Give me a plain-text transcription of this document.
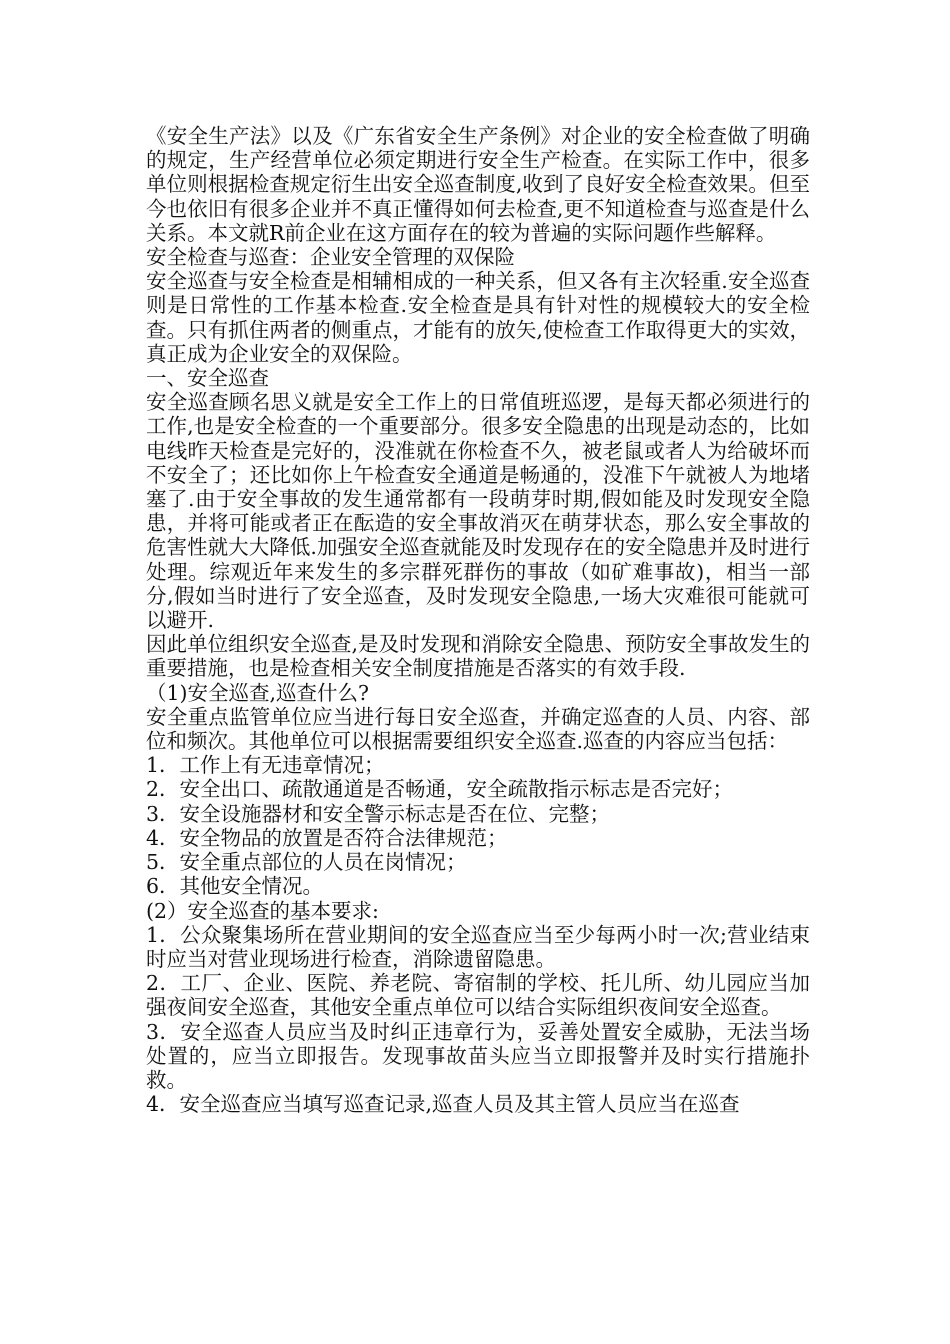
《安全生产法》以及《广东省安全生产条例》对企业的安全检查做了明确的规定，生产经营单位必须定期进行安全生产检查。在实际工作中，很多单位则根据检查规定衍生出安全巡查制度,收到了良好安全检查效果。但至今也依旧有很多企业并不真正懂得如何去检查,更不知道检查与巡查是什么关系。本文就R前企业在这方面存在的较为普遍的实际问题作些解释。

安全检查与巡查：企业安全管理的双保险

安全巡查与安全检查是相辅相成的一种关系，但又各有主次轻重.安全巡查则是日常性的工作基本检查.安全检查是具有针对性的规模较大的安全检查。只有抓住两者的侧重点，才能有的放矢,使检查工作取得更大的实效，真正成为企业安全的双保险。

一、安全巡查

安全巡查顾名思义就是安全工作上的日常值班巡逻，是每天都必须进行的工作,也是安全检查的一个重要部分。很多安全隐患的出现是动态的，比如电线昨天检查是完好的，没准就在你检查不久，被老鼠或者人为给破坏而不安全了；还比如你上午检查安全通道是畅通的，没准下午就被人为地堵塞了.由于安全事故的发生通常都有一段萌芽时期,假如能及时发现安全隐患，并将可能或者正在酝造的安全事故消灭在萌芽状态，那么安全事故的危害性就大大降低.加强安全巡查就能及时发现存在的安全隐患并及时进行处理。综观近年来发生的多宗群死群伤的事故（如矿难事故)，相当一部分,假如当时进行了安全巡查，及时发现安全隐患,一场大灾难很可能就可以避开.

因此单位组织安全巡查,是及时发现和消除安全隐患、预防安全事故发生的重要措施，也是检查相关安全制度措施是否落实的有效手段.

（1)安全巡查,巡查什么?

安全重点监管单位应当进行每日安全巡查，并确定巡查的人员、内容、部位和频次。其他单位可以根据需要组织安全巡查.巡查的内容应当包括：

1．工作上有无违章情况；

2．安全出口、疏散通道是否畅通，安全疏散指示标志是否完好；

3．安全设施器材和安全警示标志是否在位、完整；

4．安全物品的放置是否符合法律规范；

5．安全重点部位的人员在岗情况；

6．其他安全情况。

(2）安全巡查的基本要求:

1．公众聚集场所在营业期间的安全巡查应当至少每两小时一次;营业结束时应当对营业现场进行检查，消除遗留隐患。

2．工厂、企业、医院、养老院、寄宿制的学校、托儿所、幼儿园应当加强夜间安全巡查，其他安全重点单位可以结合实际组织夜间安全巡查。

3．安全巡查人员应当及时纠正违章行为，妥善处置安全威胁，无法当场处置的，应当立即报告。发现事故苗头应当立即报警并及时实行措施扑救。

4．安全巡查应当填写巡查记录,巡查人员及其主管人员应当在巡查
